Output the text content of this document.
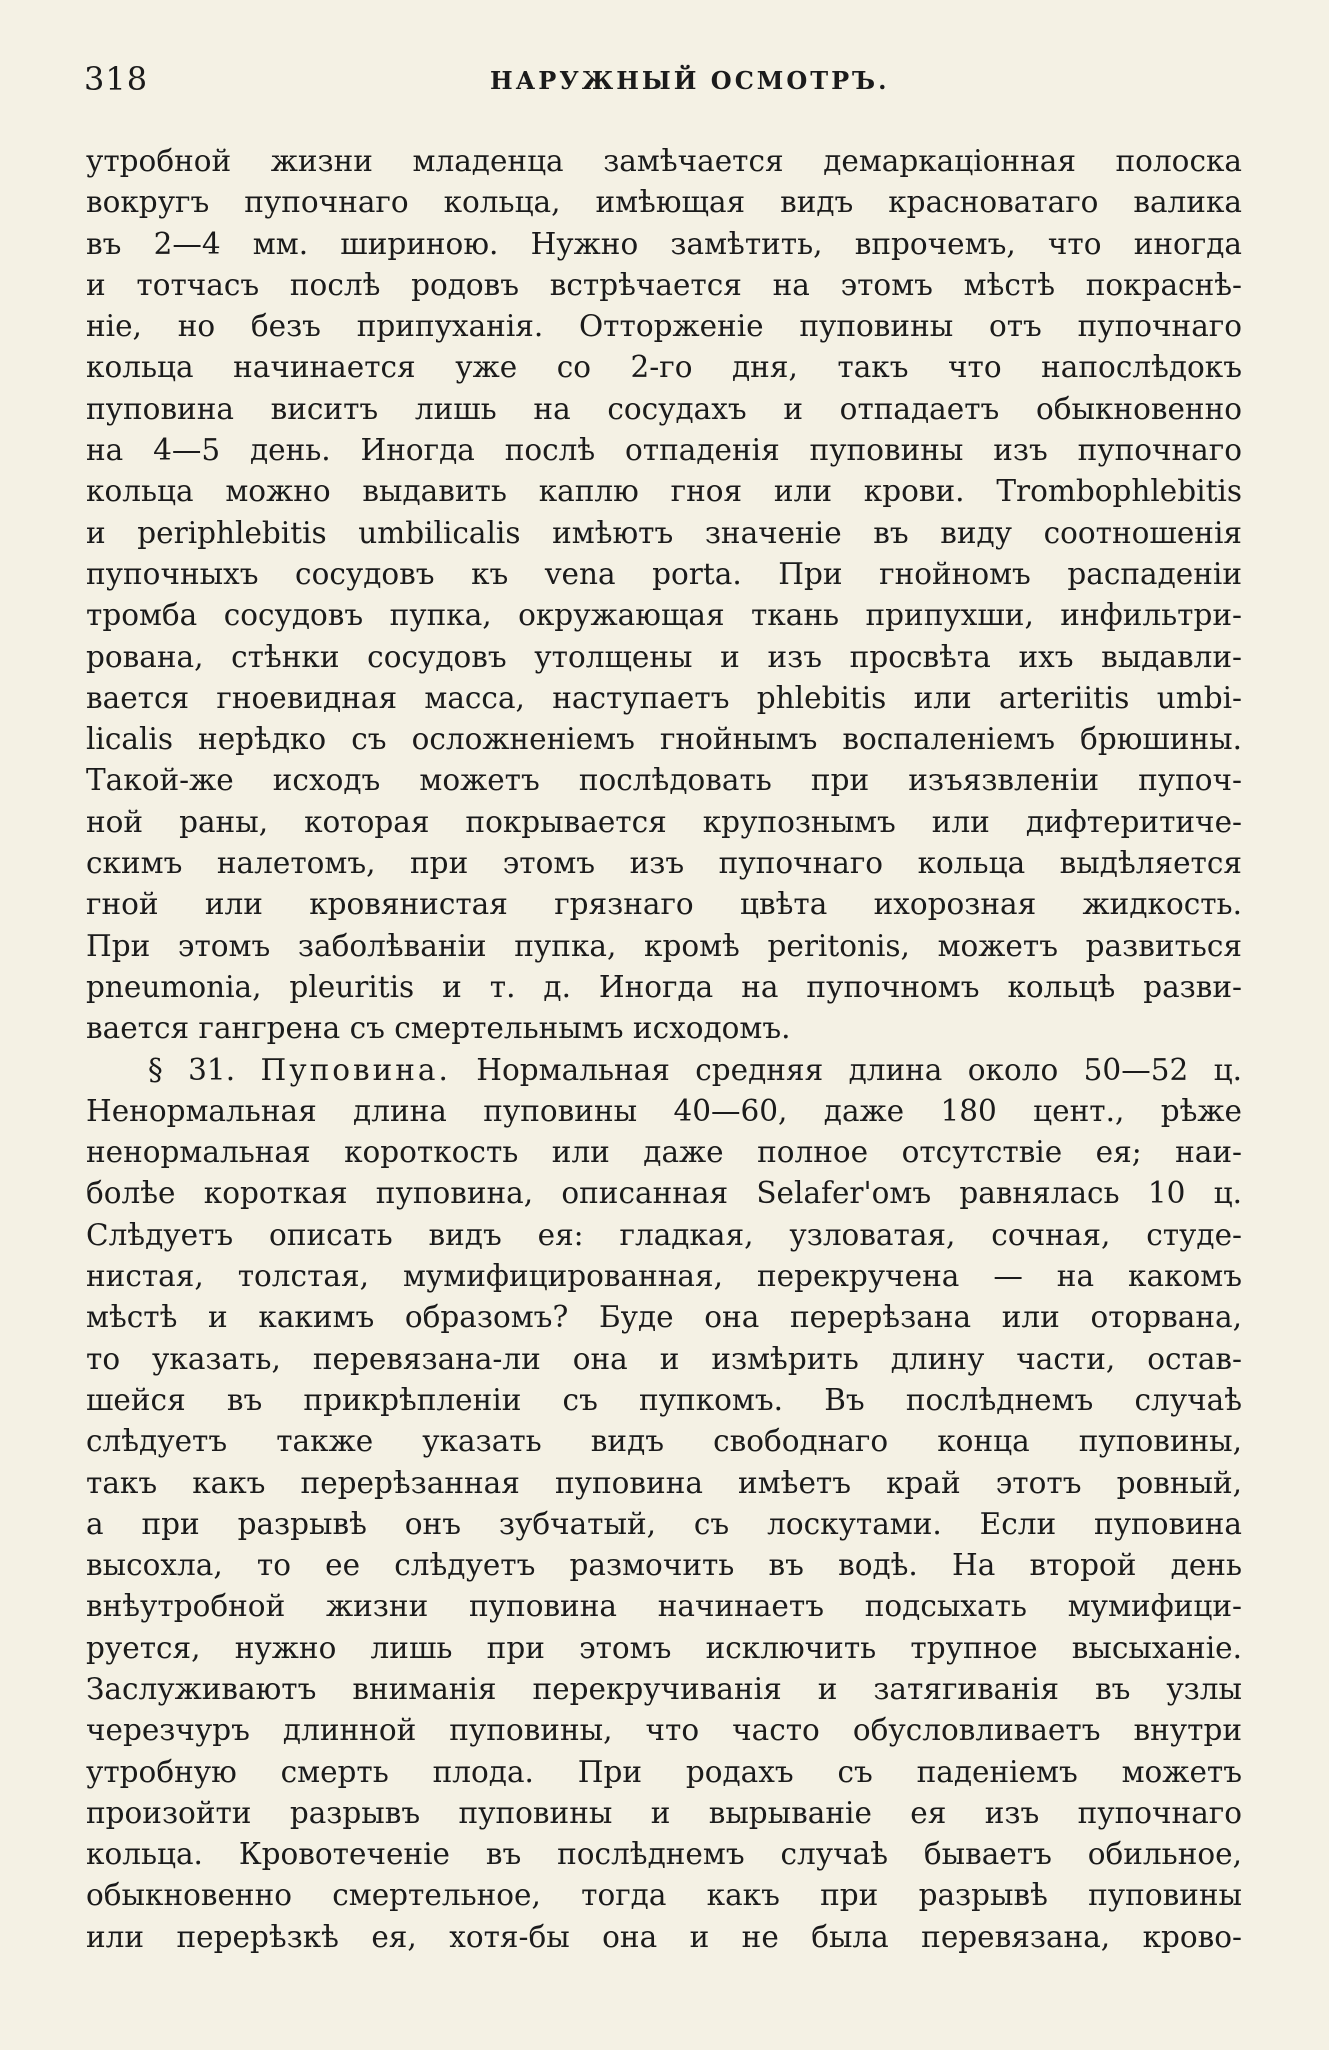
318	НАРУЖНЫЙ ОСМОТРЪ.
утробной жизни младенца замѣчается демаркаціонная полоска
вокругъ пупочнаго кольца, имѣющая видъ красноватаго валика
въ 2—4 мм. шириною. Нужно замѣтить, впрочемъ, что иногда
и тотчасъ послѣ родовъ встрѣчается на этомъ мѣстѣ покраснѣ-
ніе, но безъ припуханія. Отторженіе пуповины отъ пупочнаго
кольца начинается уже со 2-го дня, такъ что напослѣдокъ
пуповина виситъ лишь на сосудахъ и отпадаетъ обыкновенно
на 4—5 день. Иногда послѣ отпаденія пуповины изъ пупочнаго
кольца можно выдавить каплю гноя или крови. Trombophlebitis
и periphlebitis umbilicalis имѣютъ значеніе въ виду соотношенія
пупочныхъ сосудовъ къ vena porta. При гнойномъ распаденіи
тромба сосудовъ пупка, окружающая ткань припухши, инфильтри-
рована, стѣнки сосудовъ утолщены и изъ просвѣта ихъ выдавли-
вается гноевидная масса, наступаетъ phlebitis или arteriitis umbi-
licalis нерѣдко съ осложненіемъ гнойнымъ воспаленіемъ брюшины.
Такой-же исходъ можетъ послѣдовать при изъязвленіи пупоч-
ной раны, которая покрывается крупознымъ или дифтеритиче-
скимъ налетомъ, при этомъ изъ пупочнаго кольца выдѣляется
гной или кровянистая грязнаго цвѣта ихорозная жидкость.
При этомъ заболѣваніи пупка, кромѣ peritonis, можетъ развиться
pneumonia, pleuritis и т. д. Иногда на пупочномъ кольцѣ разви-
вается гангрена съ смертельнымъ исходомъ.
§ 31. Пуповина. Нормальная средняя длина около 50—52 ц.
Ненормальная длина пуповины 40—60, даже 180 цент., рѣже
ненормальная короткость или даже полное отсутствіе ея; наи-
болѣе короткая пуповина, описанная Selafer'омъ равнялась 10 ц.
Слѣдуетъ описать видъ ея: гладкая, узловатая, сочная, студе-
нистая, толстая, мумифицированная, перекручена — на какомъ
мѣстѣ и какимъ образомъ? Буде она перерѣзана или оторвана,
то указать, перевязана-ли она и измѣрить длину части, остав-
шейся въ прикрѣпленіи съ пупкомъ. Въ послѣднемъ случаѣ
слѣдуетъ также указать видъ свободнаго конца пуповины,
такъ какъ перерѣзанная пуповина имѣетъ край этотъ ровный,
а при разрывѣ онъ зубчатый, съ лоскутами. Если пуповина
высохла, то ее слѣдуетъ размочить въ водѣ. На второй день
внѣутробной жизни пуповина начинаетъ подсыхать мумифици-
руется, нужно лишь при этомъ исключить трупное высыханіе.
Заслуживаютъ вниманія перекручиванія и затягиванія въ узлы
черезчуръ длинной пуповины, что часто обусловливаетъ внутри
утробную смерть плода. При родахъ съ паденіемъ можетъ
произойти разрывъ пуповины и вырываніе ея изъ пупочнаго
кольца. Кровотеченіе въ послѣднемъ случаѣ бываетъ обильное,
обыкновенно смертельное, тогда какъ при разрывѣ пуповины
или перерѣзкѣ ея, хотя-бы она и не была перевязана, крово-
